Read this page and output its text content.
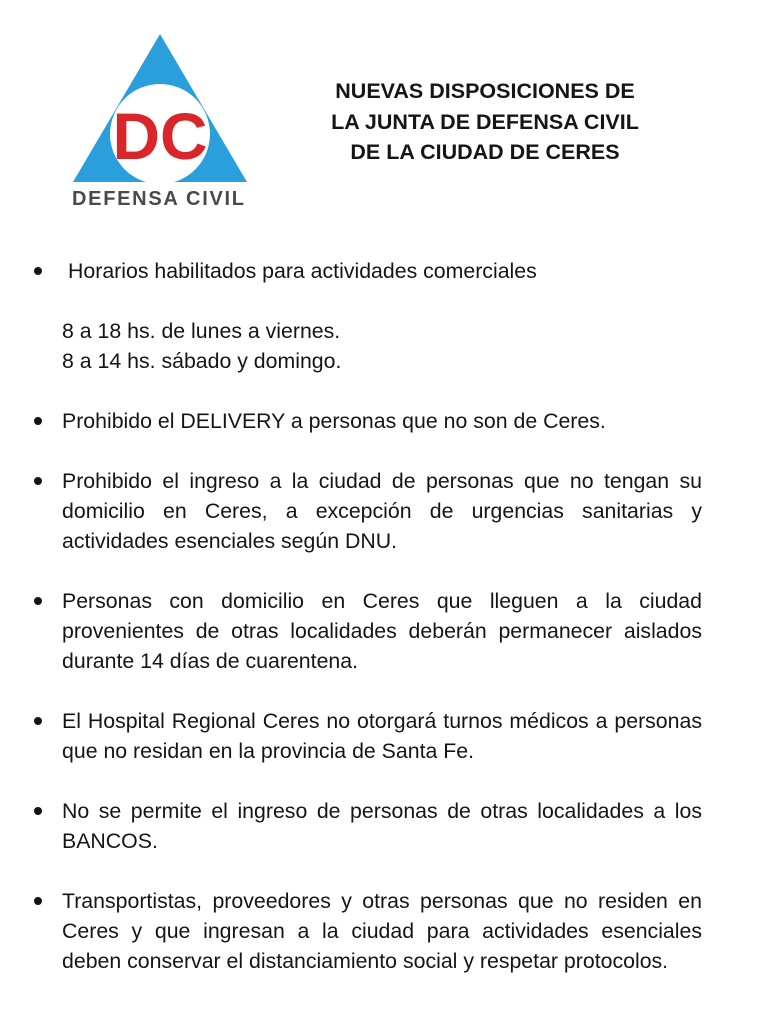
DC
DEFENSA CIVIL
NUEVAS DISPOSICIONES DE
LA JUNTA DE DEFENSA CIVIL
DE LA CIUDAD DE CERES
Horarios habilitados para actividades comerciales
8 a 18 hs. de lunes a viernes.
8 a 14 hs. sábado y domingo.
Prohibido el DELIVERY a personas que no son de Ceres.
Prohibido el ingreso a la ciudad de personas que no tengan su
domicilio en Ceres, a excepción de urgencias sanitarias y
actividades esenciales según DNU.
Personas con domicilio en Ceres que lleguen a la ciudad
provenientes de otras localidades deberán permanecer aislados
durante 14 días de cuarentena.
El Hospital Regional Ceres no otorgará turnos médicos a personas
que no residan en la provincia de Santa Fe.
No se permite el ingreso de personas de otras localidades a los
BANCOS.
Transportistas, proveedores y otras personas que no residen en
Ceres y que ingresan a la ciudad para actividades esenciales
deben conservar el distanciamiento social y respetar protocolos.
